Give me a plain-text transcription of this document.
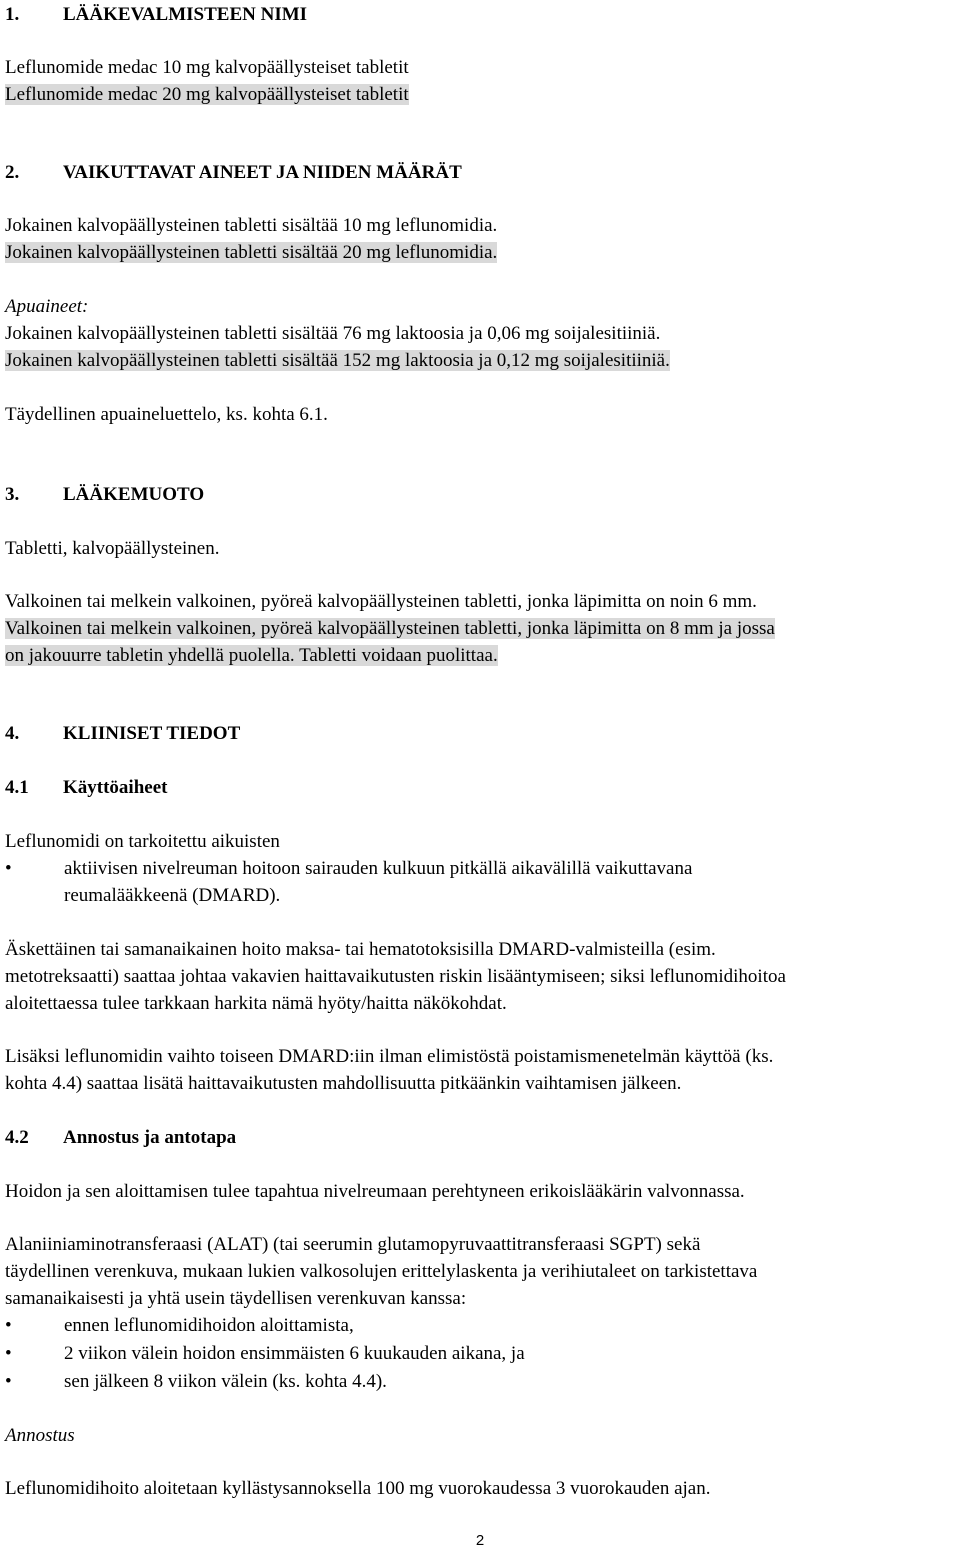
1. LÄÄKEVALMISTEEN NIMI
Leflunomide medac 10 mg kalvopäällysteiset tabletit
Leflunomide medac 20 mg kalvopäällysteiset tabletit
2. VAIKUTTAVAT AINEET JA NIIDEN MÄÄRÄT
Jokainen kalvopäällysteinen tabletti sisältää 10 mg leflunomidia.
Jokainen kalvopäällysteinen tabletti sisältää 20 mg leflunomidia.
Apuaineet:
Jokainen kalvopäällysteinen tabletti sisältää 76 mg laktoosia ja 0,06 mg soijalesitiiniä.
Jokainen kalvopäällysteinen tabletti sisältää 152 mg laktoosia ja 0,12 mg soijalesitiiniä.
Täydellinen apuaineluettelo, ks. kohta 6.1.
3. LÄÄKEMUOTO
Tabletti, kalvopäällysteinen.
Valkoinen tai melkein valkoinen, pyöreä kalvopäällysteinen tabletti, jonka läpimitta on noin 6 mm.
Valkoinen tai melkein valkoinen, pyöreä kalvopäällysteinen tabletti, jonka läpimitta on 8 mm ja jossa
on jakouurre tabletin yhdellä puolella. Tabletti voidaan puolittaa.
4. KLIINISET TIEDOT
4.1 Käyttöaiheet
Leflunomidi on tarkoitettu aikuisten
•	aktiivisen nivelreuman hoitoon sairauden kulkuun pitkällä aikavälillä vaikuttavana
reumalääkkeenä (DMARD).
Äskettäinen tai samanaikainen hoito maksa- tai hematotoksisilla DMARD-valmisteilla (esim.
metotreksaatti) saattaa johtaa vakavien haittavaikutusten riskin lisääntymiseen; siksi leflunomidihoitoa
aloitettaessa tulee tarkkaan harkita nämä hyöty/haitta näkökohdat.
Lisäksi leflunomidin vaihto toiseen DMARD:iin ilman elimistöstä poistamismenetelmän käyttöä (ks.
kohta 4.4) saattaa lisätä haittavaikutusten mahdollisuutta pitkäänkin vaihtamisen jälkeen.
4.2 Annostus ja antotapa
Hoidon ja sen aloittamisen tulee tapahtua nivelreumaan perehtyneen erikoislääkärin valvonnassa.
Alaniiniaminotransferaasi (ALAT) (tai seerumin glutamopyruvaattitransferaasi SGPT) sekä
täydellinen verenkuva, mukaan lukien valkosolujen erittelylaskenta ja verihiutaleet on tarkistettava
samanaikaisesti ja yhtä usein täydellisen verenkuvan kanssa:
•	ennen leflunomidihoidon aloittamista,
•	2 viikon välein hoidon ensimmäisten 6 kuukauden aikana, ja
•	sen jälkeen 8 viikon välein (ks. kohta 4.4).
Annostus
Leflunomidihoito aloitetaan kyllästysannoksella 100 mg vuorokaudessa 3 vuorokauden ajan.
2
